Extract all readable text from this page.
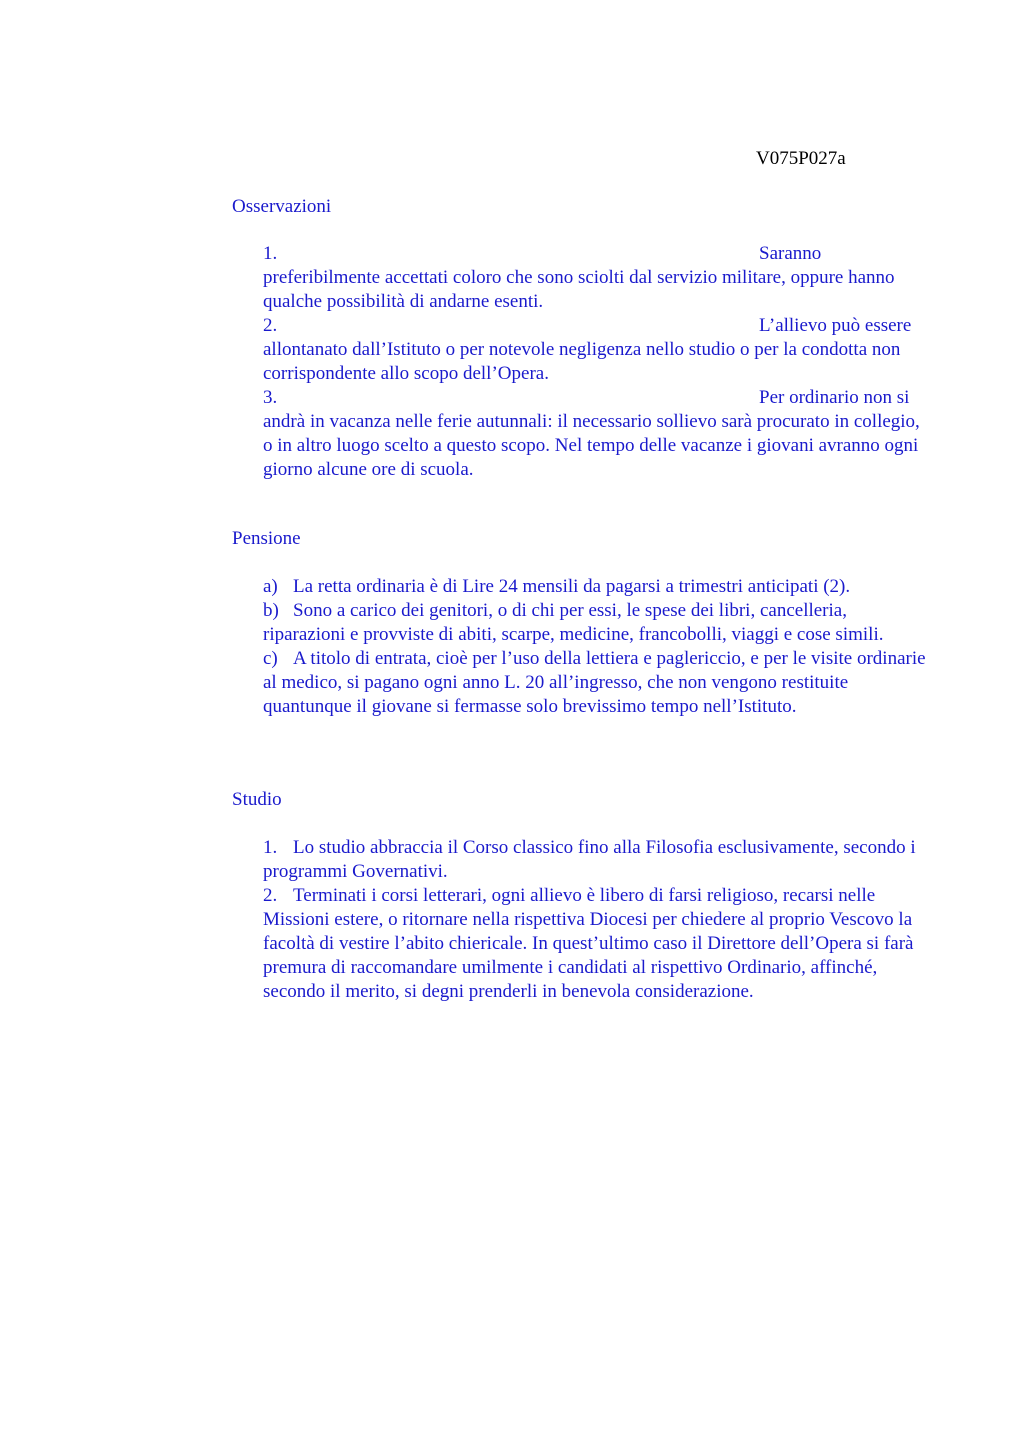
V075P027a
Osservazioni
1.	Saranno
preferibilmente accettati coloro che sono sciolti dal servizio militare, oppure hanno qualche possibilità di andarne esenti.
2.	L’allievo può essere
allontanato dall’Istituto o per notevole negligenza nello studio o per la condotta non corrispondente allo scopo dell’Opera.
3.	Per ordinario non si
andrà in vacanza nelle ferie autunnali: il necessario sollievo sarà procurato in collegio, o in altro luogo scelto a questo scopo. Nel tempo delle vacanze i giovani avranno ogni giorno alcune ore di scuola.
Pensione
a) La retta ordinaria è di Lire 24 mensili da pagarsi a trimestri anticipati (2).
b) Sono a carico dei genitori, o di chi per essi, le spese dei libri, cancelleria, riparazioni e provviste di abiti, scarpe, medicine, francobolli, viaggi e cose simili.
c) A titolo di entrata, cioè per l’uso della lettiera e paglericcio, e per le visite ordinarie al medico, si pagano ogni anno L. 20 all’ingresso, che non vengono restituite quantunque il giovane si fermasse solo brevissimo tempo nell’Istituto.
Studio
1. Lo studio abbraccia il Corso classico fino alla Filosofia esclusivamente, secondo i programmi Governativi.
2. Terminati i corsi letterari, ogni allievo è libero di farsi religioso, recarsi nelle Missioni estere, o ritornare nella rispettiva Diocesi per chiedere al proprio Vescovo la facoltà di vestire l’abito chiericale. In quest’ultimo caso il Direttore dell’Opera si farà premura di raccomandare umilmente i candidati al rispettivo Ordinario, affinché, secondo il merito, si degni prenderli in benevola considerazione.
